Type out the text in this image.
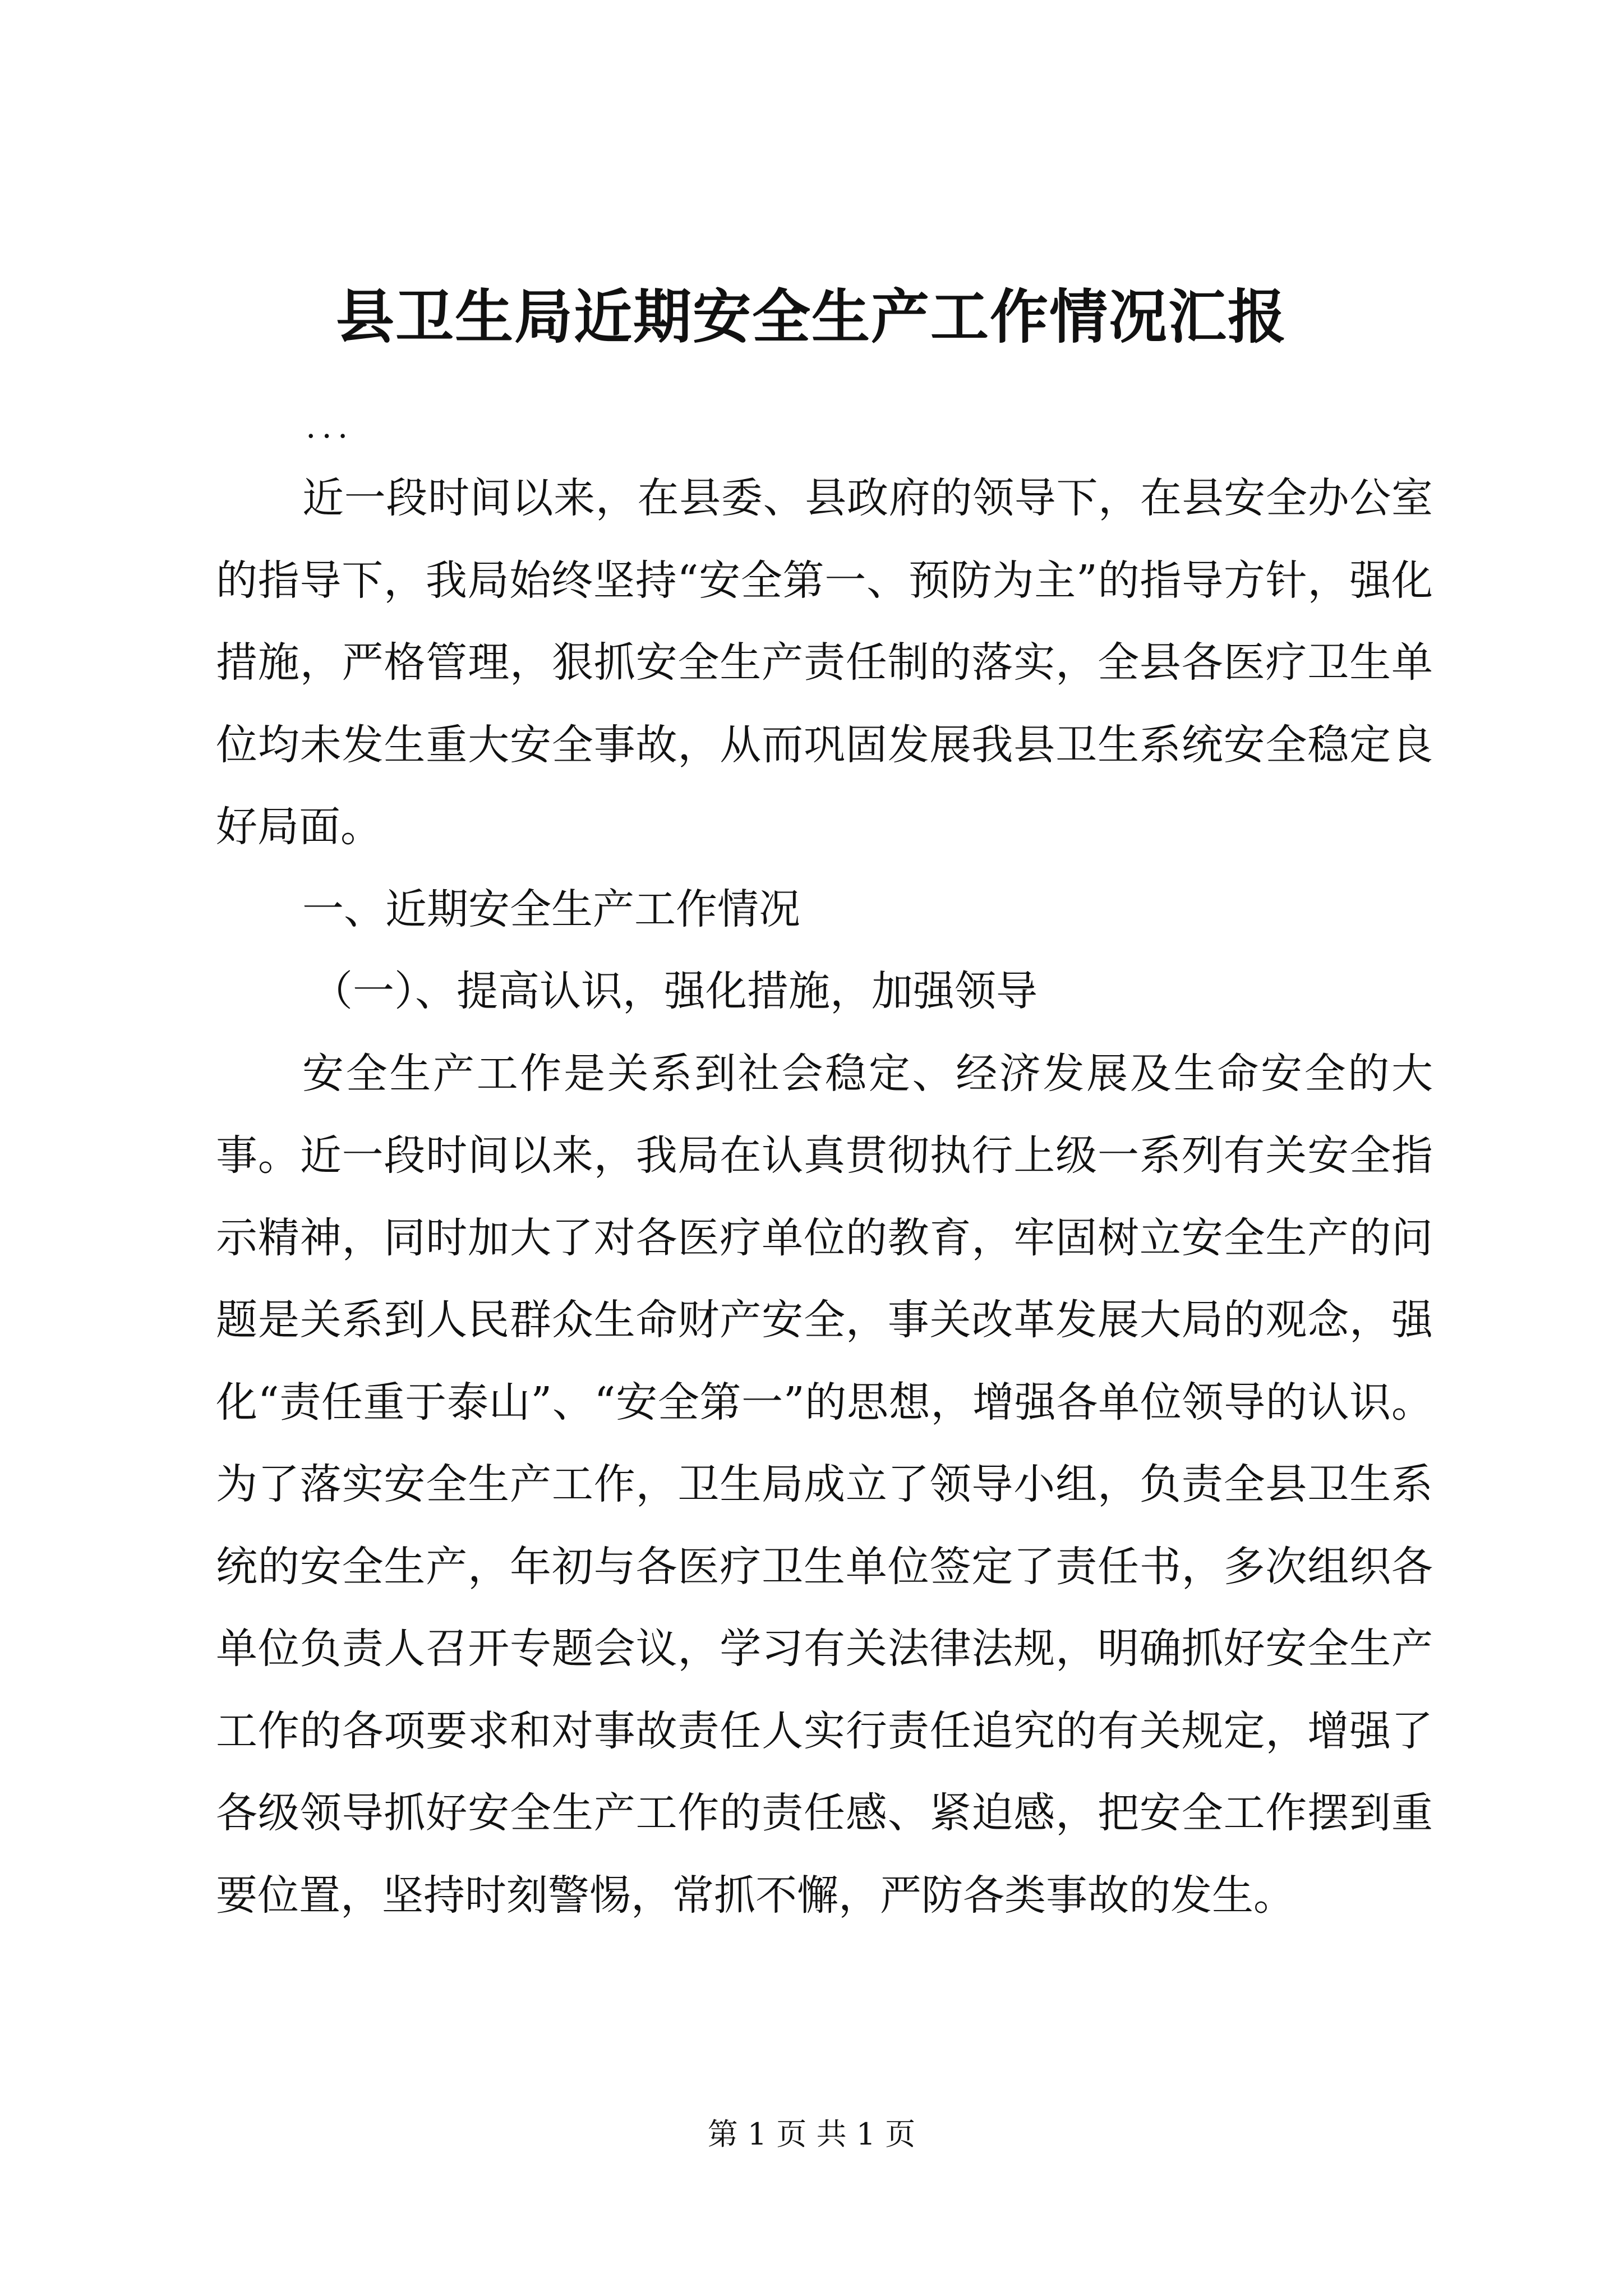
县卫生局近期安全生产工作情况汇报
...

近一段时间以来，在县委、县政府的领导下，在县安全办公室的指导下，我局始终坚持“安全第一、预防为主”的指导方针，强化措施，严格管理，狠抓安全生产责任制的落实，全县各医疗卫生单位均未发生重大安全事故，从而巩固发展我县卫生系统安全稳定良好局面。

一、近期安全生产工作情况

（一）、提高认识，强化措施，加强领导

安全生产工作是关系到社会稳定、经济发展及生命安全的大事。近一段时间以来，我局在认真贯彻执行上级一系列有关安全指示精神，同时加大了对各医疗单位的教育，牢固树立安全生产的问题是关系到人民群众生命财产安全，事关改革发展大局的观念，强化“责任重于泰山”、“安全第一”的思想，增强各单位领导的认识。为了落实安全生产工作，卫生局成立了领导小组，负责全县卫生系统的安全生产，年初与各医疗卫生单位签定了责任书，多次组织各单位负责人召开专题会议，学习有关法律法规，明确抓好安全生产工作的各项要求和对事故责任人实行责任追究的有关规定，增强了各级领导抓好安全生产工作的责任感、紧迫感，把安全工作摆到重要位置，坚持时刻警惕，常抓不懈，严防各类事故的发生。

第 1 页 共 1 页
